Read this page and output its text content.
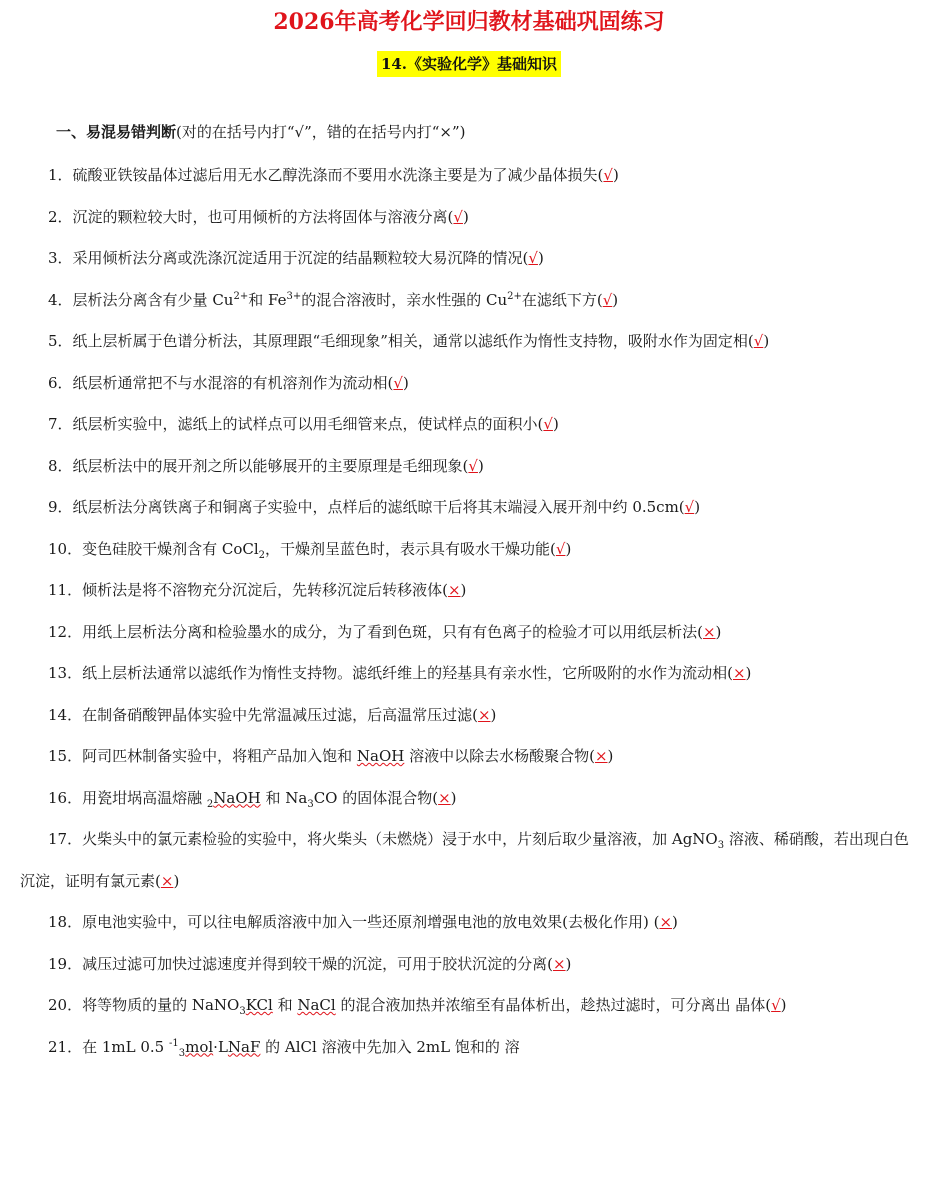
2026年高考化学回归教材基础巩固练习
14.《实验化学》基础知识
一、易混易错判断(对的在括号内打“√”，错的在括号内打“×”)
1．硫酸亚铁铵晶体过滤后用无水乙醇洗涤而不要用水洗涤主要是为了减少晶体损失(√)
2．沉淀的颗粒较大时，也可用倾析的方法将固体与溶液分离(√)
3．采用倾析法分离或洗涤沉淀适用于沉淀的结晶颗粒较大易沉降的情况(√)
4．层析法分离含有少量 $Cu^{2+}$和 $Fe^{3+}$的混合溶液时，亲水性强的 $Cu^{2+}$在滤纸下方(√)
5．纸上层析属于色谱分析法，其原理跟“毛细现象”相关，通常以滤纸作为惰性支持物，吸附水作为固定相(√)
6．纸层析通常把不与水混溶的有机溶剂作为流动相(√)
7．纸层析实验中，滤纸上的试样点可以用毛细管来点，使试样点的面积小(√)
8．纸层析法中的展开剂之所以能够展开的主要原理是毛细现象(√)
9．纸层析法分离铁离子和铜离子实验中，点样后的滤纸晾干后将其末端浸入展开剂中约 0.5cm(√)
10．变色硅胶干燥剂含有 CoCl$_2$，干燥剂呈蓝色时，表示具有吸水干燥功能(√)
11．倾析法是将不溶物充分沉淀后，先转移沉淀后转移液体(×)
12．用纸上层析法分离和检验墨水的成分，为了看到色斑，只有有色离子的检验才可以用纸层析法(×)
13．纸上层析法通常以滤纸作为惰性支持物。滤纸纤维上的羟基具有亲水性，它所吸附的水作为流动相(×)
14．在制备硝酸钾晶体实验中先常温减压过滤，后高温常压过滤(×)
15．阿司匹林制备实验中，将粗产品加入饱和 NaOH 溶液中以除去水杨酸聚合物(×)
16．用瓷坩埚高温熔融 $_2$NaOH 和 $Na_3CO$ 的固体混合物(×)
17．火柴头中的氯元素检验的实验中，将火柴头（未燃烧）浸于水中，片刻后取少量溶液，加 AgNO$_3$ 溶液、稀硝酸，若出现白色沉淀，证明有氯元素(×)
18．原电池实验中，可以往电解质溶液中加入一些还原剂增强电池的放电效果(去极化作用) (×)
19．减压过滤可加快过滤速度并得到较干燥的沉淀，可用于胶状沉淀的分离(×)
20．将等物质的量的 NaNO$_3$KCl 和 NaCl 的混合液加热并浓缩至有晶体析出，趁热过滤时，可分离出 晶体(√)
21．在 1mL 0.5 $^{-1}_3$mol·LNaF 的 AlCl 溶液中先加入 2mL 饱和的 溶
